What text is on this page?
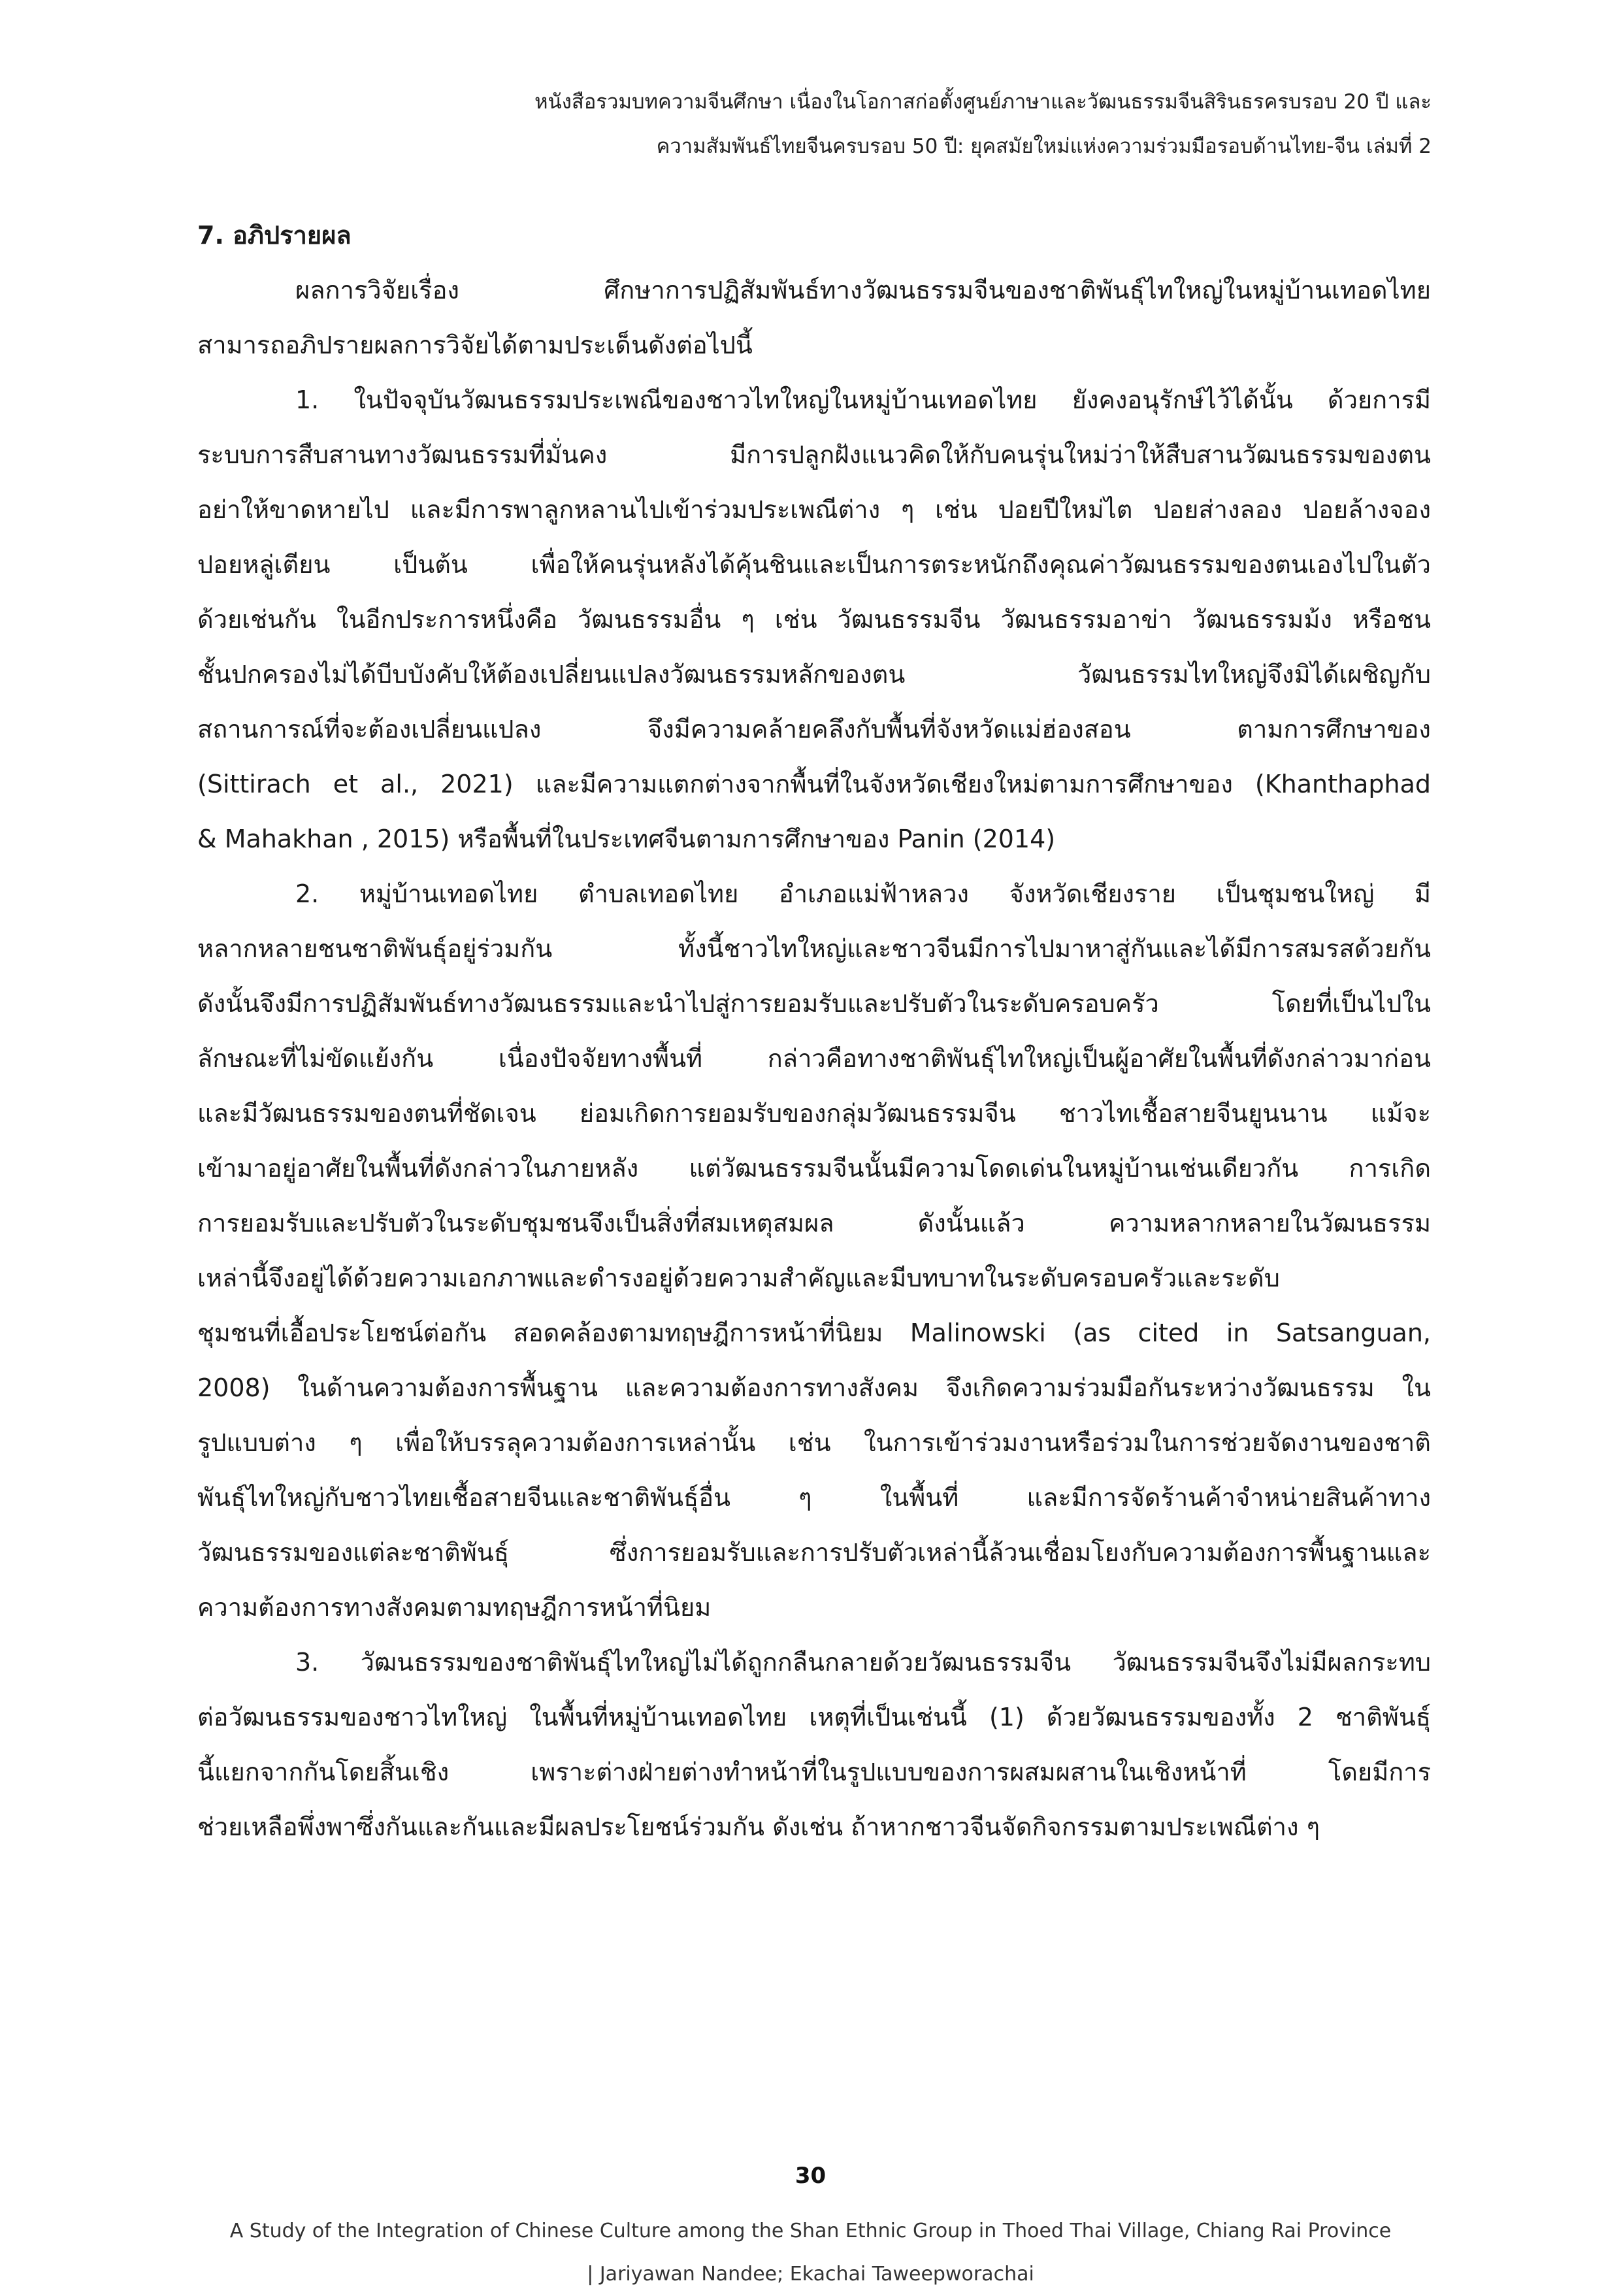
หนังสือรวมบทความจีนศึกษา เนื่องในโอกาสก่อตั้งศูนย์ภาษาและวัฒนธรรมจีนสิรินธรครบรอบ 20 ปี และ
ความสัมพันธ์ไทยจีนครบรอบ 50 ปี: ยุคสมัยใหม่แห่งความร่วมมือรอบด้านไทย-จีน เล่มที่ 2
7. อภิปรายผล

ผลการวิจัยเรื่อง ศึกษาการปฏิสัมพันธ์ทางวัฒนธรรมจีนของชาติพันธุ์ไทใหญ่ในหมู่บ้านเทอดไทย
สามารถอภิปรายผลการวิจัยได้ตามประเด็นดังต่อไปนี้

1. ในปัจจุบันวัฒนธรรมประเพณีของชาวไทใหญ่ในหมู่บ้านเทอดไทย ยังคงอนุรักษ์ไว้ได้นั้น ด้วยการมี
ระบบการสืบสานทางวัฒนธรรมที่มั่นคง มีการปลูกฝังแนวคิดให้กับคนรุ่นใหม่ว่าให้สืบสานวัฒนธรรมของตน
อย่าให้ขาดหายไป และมีการพาลูกหลานไปเข้าร่วมประเพณีต่าง ๆ เช่น ปอยปีใหม่ไต ปอยส่างลอง ปอยล้างจอง
ปอยหลู่เตียน เป็นต้น เพื่อให้คนรุ่นหลังได้คุ้นชินและเป็นการตระหนักถึงคุณค่าวัฒนธรรมของตนเองไปในตัว
ด้วยเช่นกัน ในอีกประการหนึ่งคือ วัฒนธรรมอื่น ๆ เช่น วัฒนธรรมจีน วัฒนธรรมอาข่า วัฒนธรรมม้ง หรือชน
ชั้นปกครองไม่ได้บีบบังคับให้ต้องเปลี่ยนแปลงวัฒนธรรมหลักของตน วัฒนธรรมไทใหญ่จึงมิได้เผชิญกับ
สถานการณ์ที่จะต้องเปลี่ยนแปลง จึงมีความคล้ายคลึงกับพื้นที่จังหวัดแม่ฮ่องสอน ตามการศึกษาของ
(Sittirach et al., 2021) และมีความแตกต่างจากพื้นที่ในจังหวัดเชียงใหม่ตามการศึกษาของ (Khanthaphad
& Mahakhan , 2015) หรือพื้นที่ในประเทศจีนตามการศึกษาของ Panin (2014)

2. หมู่บ้านเทอดไทย ตำบลเทอดไทย อำเภอแม่ฟ้าหลวง จังหวัดเชียงราย เป็นชุมชนใหญ่ มี
หลากหลายชนชาติพันธุ์อยู่ร่วมกัน ทั้งนี้ชาวไทใหญ่และชาวจีนมีการไปมาหาสู่กันและได้มีการสมรสด้วยกัน
ดังนั้นจึงมีการปฏิสัมพันธ์ทางวัฒนธรรมและนำไปสู่การยอมรับและปรับตัวในระดับครอบครัว โดยที่เป็นไปใน
ลักษณะที่ไม่ขัดแย้งกัน เนื่องปัจจัยทางพื้นที่ กล่าวคือทางชาติพันธุ์ไทใหญ่เป็นผู้อาศัยในพื้นที่ดังกล่าวมาก่อน
และมีวัฒนธรรมของตนที่ชัดเจน ย่อมเกิดการยอมรับของกลุ่มวัฒนธรรมจีน ชาวไทเชื้อสายจีนยูนนาน แม้จะ
เข้ามาอยู่อาศัยในพื้นที่ดังกล่าวในภายหลัง แต่วัฒนธรรมจีนนั้นมีความโดดเด่นในหมู่บ้านเช่นเดียวกัน การเกิด
การยอมรับและปรับตัวในระดับชุมชนจึงเป็นสิ่งที่สมเหตุสมผล ดังนั้นแล้ว ความหลากหลายในวัฒนธรรม
เหล่านี้จึงอยู่ได้ด้วยความเอกภาพและดำรงอยู่ด้วยความสำคัญและมีบทบาทในระดับครอบครัวและระดับ
ชุมชนที่เอื้อประโยชน์ต่อกัน สอดคล้องตามทฤษฎีการหน้าที่นิยม Malinowski (as cited in Satsanguan,
2008) ในด้านความต้องการพื้นฐาน และความต้องการทางสังคม จึงเกิดความร่วมมือกันระหว่างวัฒนธรรม ใน
รูปแบบต่าง ๆ เพื่อให้บรรลุความต้องการเหล่านั้น เช่น ในการเข้าร่วมงานหรือร่วมในการช่วยจัดงานของชาติ
พันธุ์ไทใหญ่กับชาวไทยเชื้อสายจีนและชาติพันธุ์อื่น ๆ ในพื้นที่ และมีการจัดร้านค้าจำหน่ายสินค้าทาง
วัฒนธรรมของแต่ละชาติพันธุ์ ซึ่งการยอมรับและการปรับตัวเหล่านี้ล้วนเชื่อมโยงกับความต้องการพื้นฐานและ
ความต้องการทางสังคมตามทฤษฎีการหน้าที่นิยม

3. วัฒนธรรมของชาติพันธุ์ไทใหญ่ไม่ได้ถูกกลืนกลายด้วยวัฒนธรรมจีน วัฒนธรรมจีนจึงไม่มีผลกระทบ
ต่อวัฒนธรรมของชาวไทใหญ่ ในพื้นที่หมู่บ้านเทอดไทย เหตุที่เป็นเช่นนี้ (1) ด้วยวัฒนธรรมของทั้ง 2 ชาติพันธุ์
นี้แยกจากกันโดยสิ้นเชิง เพราะต่างฝ่ายต่างทำหน้าที่ในรูปแบบของการผสมผสานในเชิงหน้าที่ โดยมีการ
ช่วยเหลือพึ่งพาซึ่งกันและกันและมีผลประโยชน์ร่วมกัน ดังเช่น ถ้าหากชาวจีนจัดกิจกรรมตามประเพณีต่าง ๆ

30
A Study of the Integration of Chinese Culture among the Shan Ethnic Group in Thoed Thai Village, Chiang Rai Province
| Jariyawan Nandee; Ekachai Taweepworachai
